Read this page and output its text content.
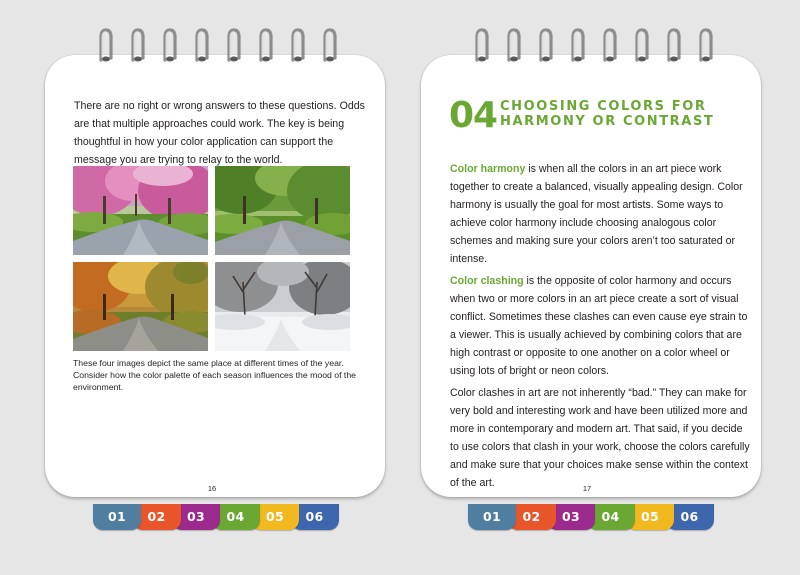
There are no right or wrong answers to these questions. Odds are that multiple approaches could work. The key is being thoughtful in how your color application can support the message you are trying to relay to the world.

These four images depict the same place at different times of the year. Consider how the color palette of each season influences the mood of the environment.

16
04 CHOOSING COLORS FOR
HARMONY OR CONTRAST

Color harmony is when all the colors in an art piece work together to create a balanced, visually appealing design. Color harmony is usually the goal for most artists. Some ways to achieve color harmony include choosing analogous color schemes and making sure your colors aren’t too saturated or intense.

Color clashing is the opposite of color harmony and occurs when two or more colors in an art piece create a sort of visual conflict. Sometimes these clashes can even cause eye strain to a viewer. This is usually achieved by combining colors that are high contrast or opposite to one another on a color wheel or using lots of bright or neon colors.

Color clashes in art are not inherently “bad.” They can make for very bold and interesting work and have been utilized more and more in contemporary and modern art. That said, if you decide to use colors that clash in your work, choose the colors carefully and make sure that your choices make sense within the context of the art.	17
01	02	03	04	05	06	01	02	03	04	05	06
